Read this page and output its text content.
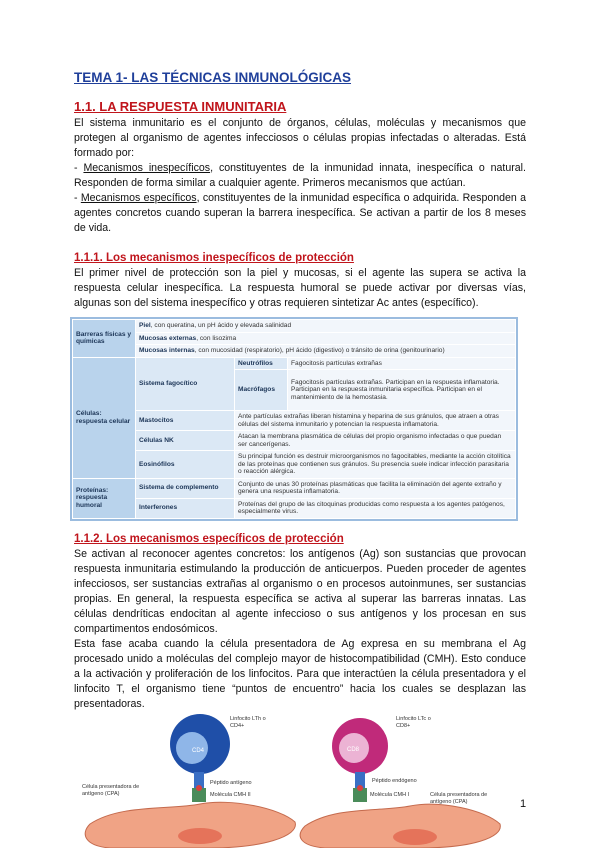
TEMA 1- LAS TÉCNICAS INMUNOLÓGICAS
1.1. LA RESPUESTA INMUNITARIA

El sistema inmunitario es el conjunto de órganos, células, moléculas y mecanismos que protegen al organismo de agentes infecciosos o células propias infectadas o alteradas. Está formado por:

- Mecanismos inespecíficos, constituyentes de la inmunidad innata, inespecífica o natural. Responden de forma similar a cualquier agente. Primeros mecanismos que actúan.

- Mecanismos específicos, constituyentes de la inmunidad específica o adquirida. Responden a agentes concretos cuando superan la barrera inespecífica. Se activan a partir de los 8 meses de vida.

1.1.1. Los mecanismos inespecíficos de protección

El primer nivel de protección son la piel y mucosas, si el agente las supera se activa la respuesta celular inespecífica. La respuesta humoral se puede activar por diversas vías, algunas son del sistema inespecífico y otras requieren sintetizar Ac antes (específico).

Barreras físicas y químicas	Piel, con queratina, un pH ácido y elevada salinidad		
	Mucosas externas, con lisozima		
	Mucosas internas, con mucosidad (respiratorio), pH ácido (digestivo) o tránsito de orina (genitourinario)		
Células: respuesta celular	Sistema fagocítico	Neutrófilos	Fagocitosis partículas extrañas
		Macrófagos	Fagocitosis partículas extrañas. Participan en la respuesta inflamatoria. Participan en la respuesta inmunitaria específica. Participan en el mantenimiento de la hemostasia.
	Mastocitos	Ante partículas extrañas liberan histamina y heparina de sus gránulos, que atraen a otras células del sistema inmunitario y potencian la respuesta inflamatoria.	
	Células NK	Atacan la membrana plasmática de células del propio organismo infectadas o que puedan ser cancerígenas.	
	Eosinófilos	Su principal función es destruir microorganismos no fagocitables, mediante la acción citolítica de las proteínas que contienen sus gránulos. Su presencia suele indicar infección parasitaria o reacción alérgica.	
Proteínas: respuesta humoral	Sistema de complemento	Conjunto de unas 30 proteínas plasmáticas que facilita la eliminación del agente extraño y genera una respuesta inflamatoria.	
	Interferones	Proteínas del grupo de las citoquinas producidas como respuesta a los agentes patógenos, especialmente virus.	
1.1.2. Los mecanismos específicos de protección

Se activan al reconocer agentes concretos: los antígenos (Ag) son sustancias que provocan respuesta inmunitaria estimulando la producción de anticuerpos. Pueden proceder de agentes infecciosos, ser sustancias extrañas al organismo o en procesos autoinmunes, ser sustancias propias. En general, la respuesta específica se activa al superar las barreras innatas. Las células dendríticas endocitan al agente infeccioso o sus antígenos y los procesan en sus compartimentos endosómicos.

Esta fase acaba cuando la célula presentadora de Ag expresa en su membrana el Ag procesado unido a moléculas del complejo mayor de histocompatibilidad (CMH). Esto conduce a la activación y proliferación de los linfocitos. Para que interactúen la célula presentadora y el linfocito T, el organismo tiene “puntos de encuentro” hacia los cuales se desplazan las presentadoras.

CD4	CD8
Linfocito LTh o CD4+
Péptido antígeno
Molécula CMH II
Célula presentadora de antígeno (CPA)
Linfocito LTc o CD8+
Péptido endógeno
Molécula CMH I	Célula presentadora de antígeno (CPA)	1
